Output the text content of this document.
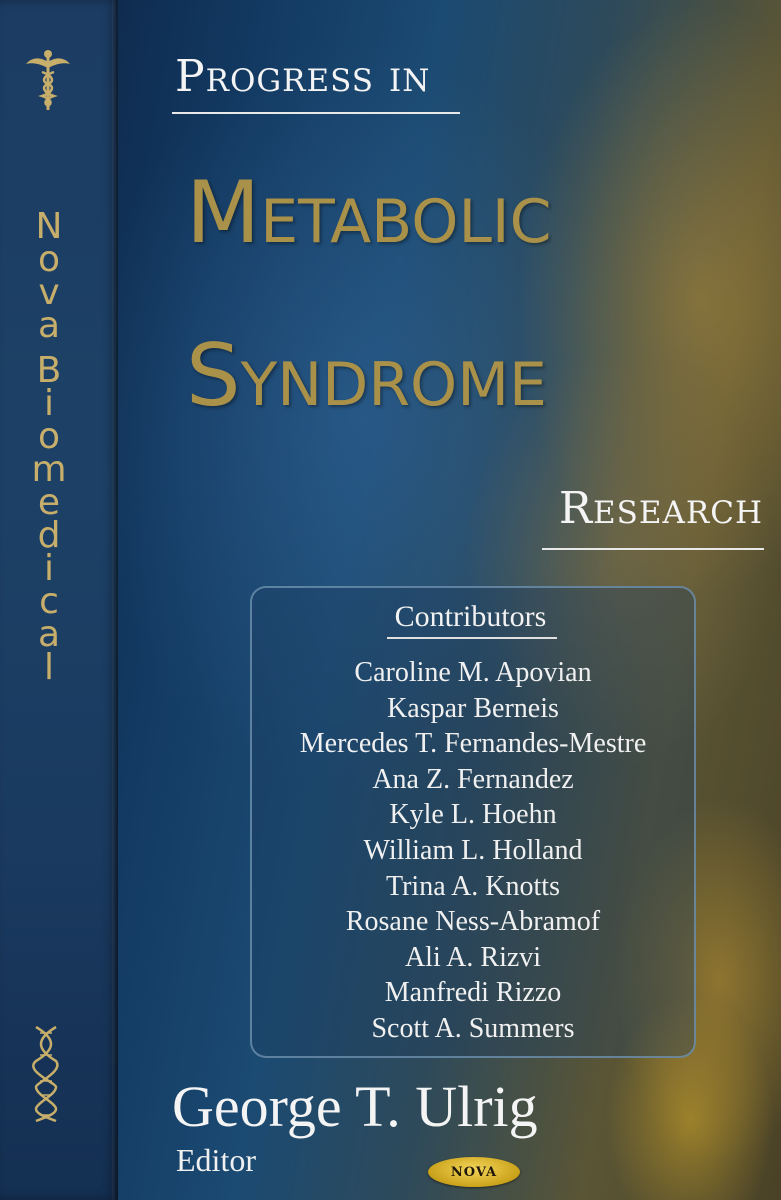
N
o
v
a
B
i
o
m
e
d
i
c
a
l
Progress in
Metabolic
Syndrome
Research
Contributors
Caroline M. Apovian
Kaspar Berneis
Mercedes T. Fernandes-Mestre
Ana Z. Fernandez
Kyle L. Hoehn
William L. Holland
Trina A. Knotts
Rosane Ness-Abramof
Ali A. Rizvi
Manfredi Rizzo
Scott A. Summers
George T. Ulrig
Editor	NOVA
